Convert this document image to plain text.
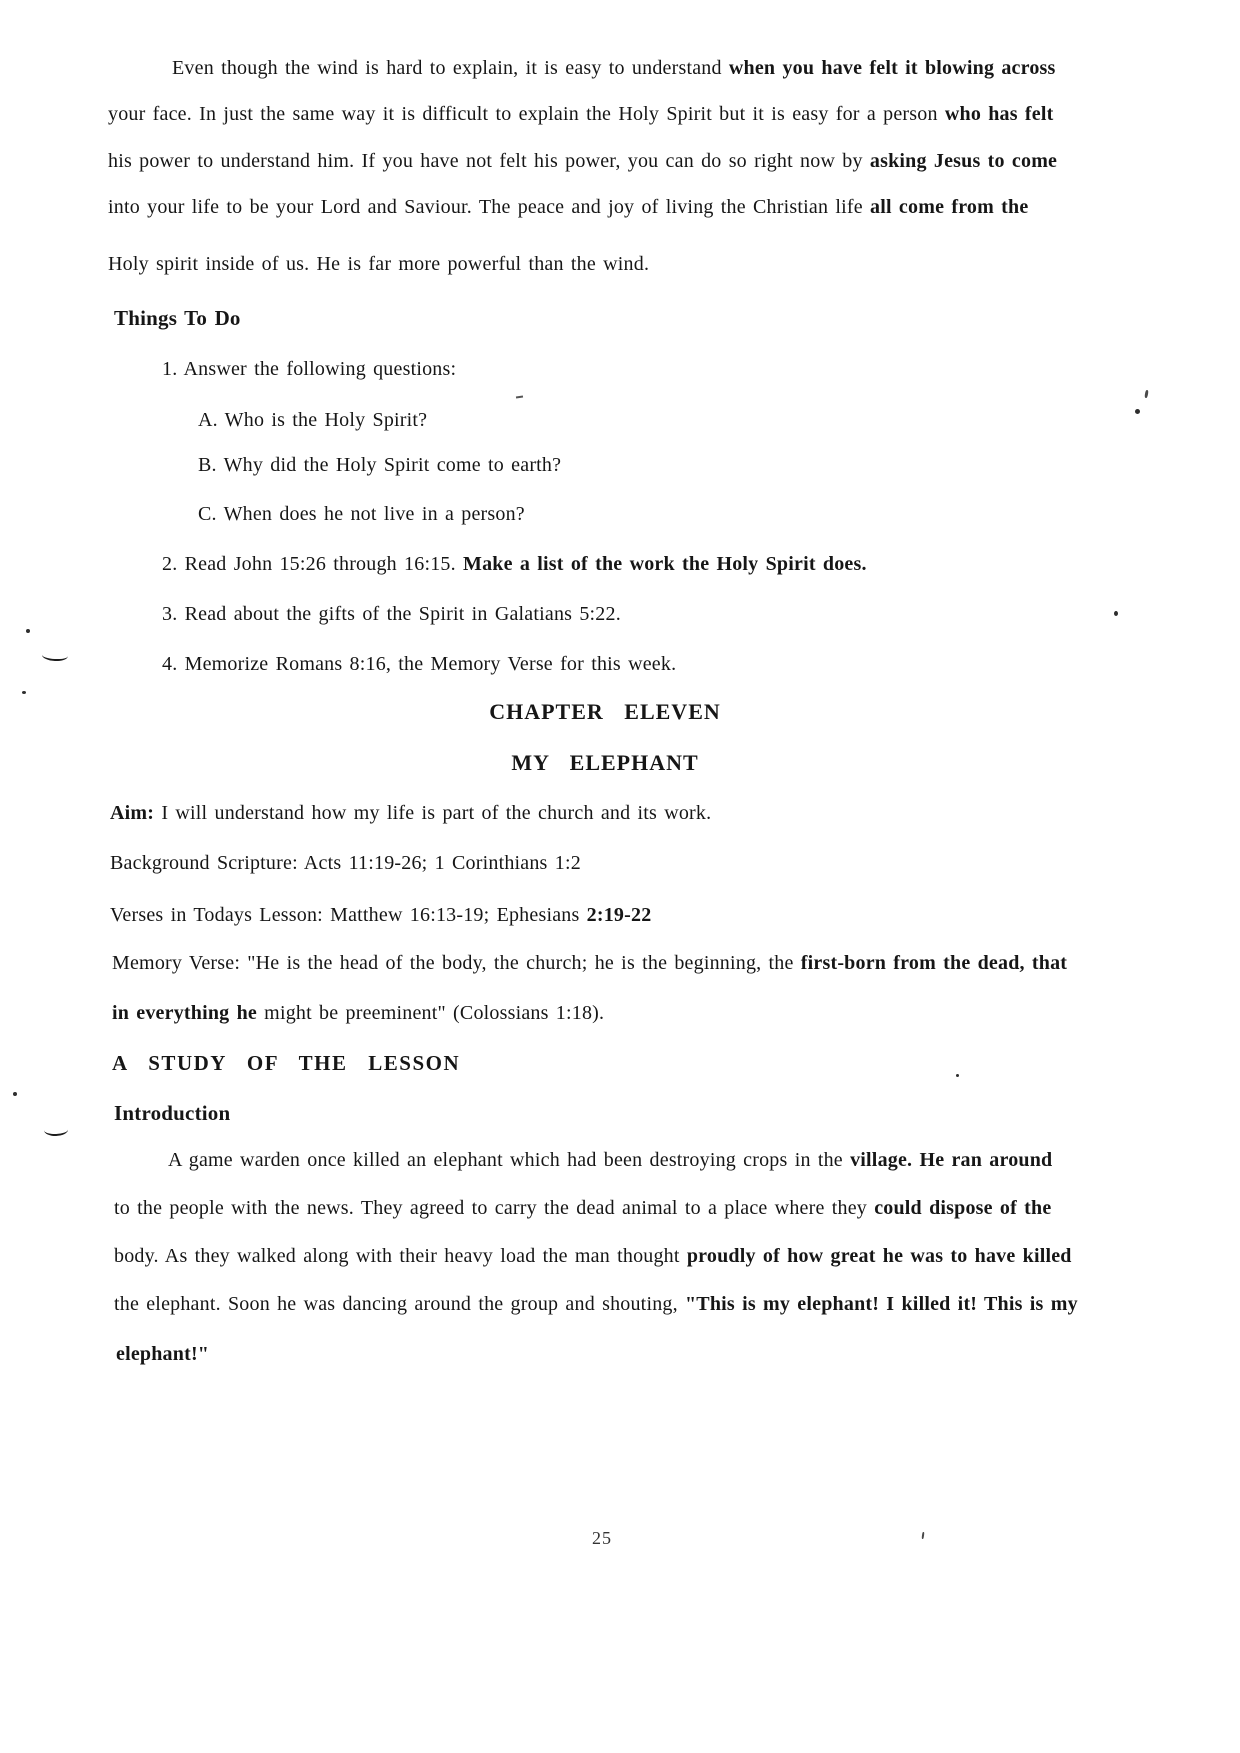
Even though the wind is hard to explain, it is easy to understand when you have felt it blowing across
your face. In just the same way it is difficult to explain the Holy Spirit but it is easy for a person who has felt
his power to understand him. If you have not felt his power, you can do so right now by asking Jesus to come
into your life to be your Lord and Saviour. The peace and joy of living the Christian life all come from the
Holy spirit inside of us. He is far more powerful than the wind.
Things To Do
1. Answer the following questions:
A. Who is the Holy Spirit?
B. Why did the Holy Spirit come to earth?
C. When does he not live in a person?
2. Read John 15:26 through 16:15. Make a list of the work the Holy Spirit does.
3. Read about the gifts of the Spirit in Galatians 5:22.
4. Memorize Romans 8:16, the Memory Verse for this week.
CHAPTER ELEVEN
MY ELEPHANT
Aim: I will understand how my life is part of the church and its work.
Background Scripture: Acts 11:19-26; 1 Corinthians 1:2
Verses in Todays Lesson: Matthew 16:13-19; Ephesians 2:19-22
Memory Verse: "He is the head of the body, the church; he is the beginning, the first-born from the dead, that
in everything he might be preeminent" (Colossians 1:18).
A STUDY OF THE LESSON
Introduction
A game warden once killed an elephant which had been destroying crops in the village. He ran around
to the people with the news. They agreed to carry the dead animal to a place where they could dispose of the
body. As they walked along with their heavy load the man thought proudly of how great he was to have killed
the elephant. Soon he was dancing around the group and shouting, "This is my elephant! I killed it! This is my
elephant!"
25
